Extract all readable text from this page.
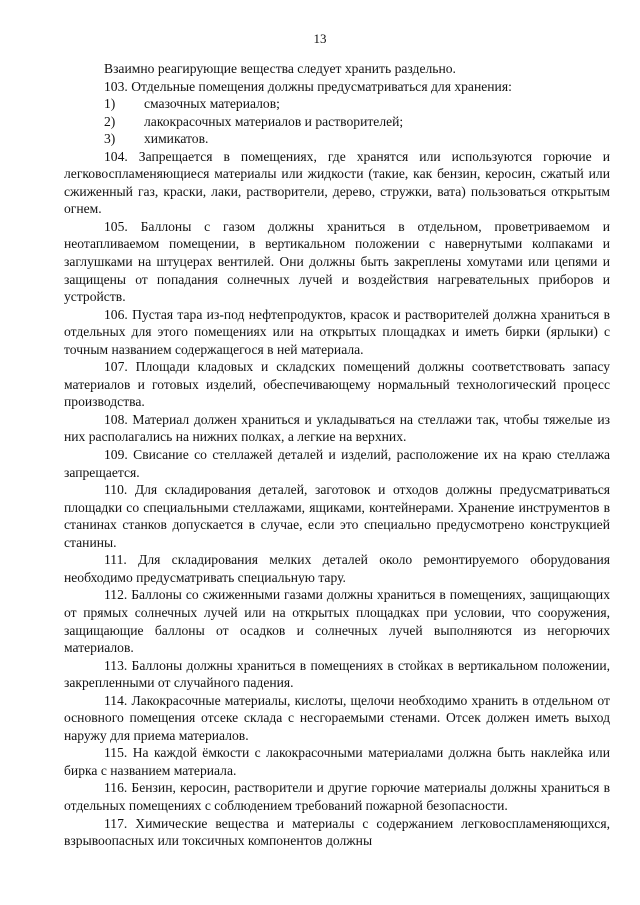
13

Взаимно реагирующие вещества следует хранить раздельно.

103. Отдельные помещения должны предусматриваться для хранения:

1)	смазочных материалов;
2)	лакокрасочных материалов и растворителей;
3)	химикатов.

104. Запрещается в помещениях, где хранятся или используются горючие и легковоспламеняющиеся материалы или жидкости (такие, как бензин, керосин, сжатый или сжиженный газ, краски, лаки, растворители, дерево, стружки, вата) пользоваться открытым огнем.

105. Баллоны с газом должны храниться в отдельном, проветриваемом и неотапливаемом помещении, в вертикальном положении с навернутыми колпаками и заглушками на штуцерах вентилей. Они должны быть закреплены хомутами или цепями и защищены от попадания солнечных лучей и воздействия нагревательных приборов и устройств.

106. Пустая тара из-под нефтепродуктов, красок и растворителей должна храниться в отдельных для этого помещениях или на открытых площадках и иметь бирки (ярлыки) с точным названием содержащегося в ней материала.

107. Площади кладовых и складских помещений должны соответствовать запасу материалов и готовых изделий, обеспечивающему нормальный технологический процесс производства.

108. Материал должен храниться и укладываться на стеллажи так, чтобы тяжелые из них располагались на нижних полках, а легкие на верхних.

109. Свисание со стеллажей деталей и изделий, расположение их на краю стеллажа запрещается.

110. Для складирования деталей, заготовок и отходов должны предусматриваться площадки со специальными стеллажами, ящиками, контейнерами. Хранение инструментов в станинах станков допускается в случае, если это специально предусмотрено конструкцией станины.

111. Для складирования мелких деталей около ремонтируемого оборудования необходимо предусматривать специальную тару.

112. Баллоны со сжиженными газами должны храниться в помещениях, защищающих от прямых солнечных лучей или на открытых площадках при условии, что сооружения, защищающие баллоны от осадков и солнечных лучей выполняются из негорючих материалов.

113. Баллоны должны храниться в помещениях в стойках в вертикальном положении, закрепленными от случайного падения.

114. Лакокрасочные материалы, кислоты, щелочи необходимо хранить в отдельном от основного помещения отсеке склада с несгораемыми стенами. Отсек должен иметь выход наружу для приема материалов.

115. На каждой ёмкости с лакокрасочными материалами должна быть наклейка или бирка с названием материала.

116. Бензин, керосин, растворители и другие горючие материалы должны храниться в отдельных помещениях с соблюдением требований пожарной безопасности.

117. Химические вещества и материалы с содержанием легковоспламеняющихся, взрывоопасных или токсичных компонентов должны
